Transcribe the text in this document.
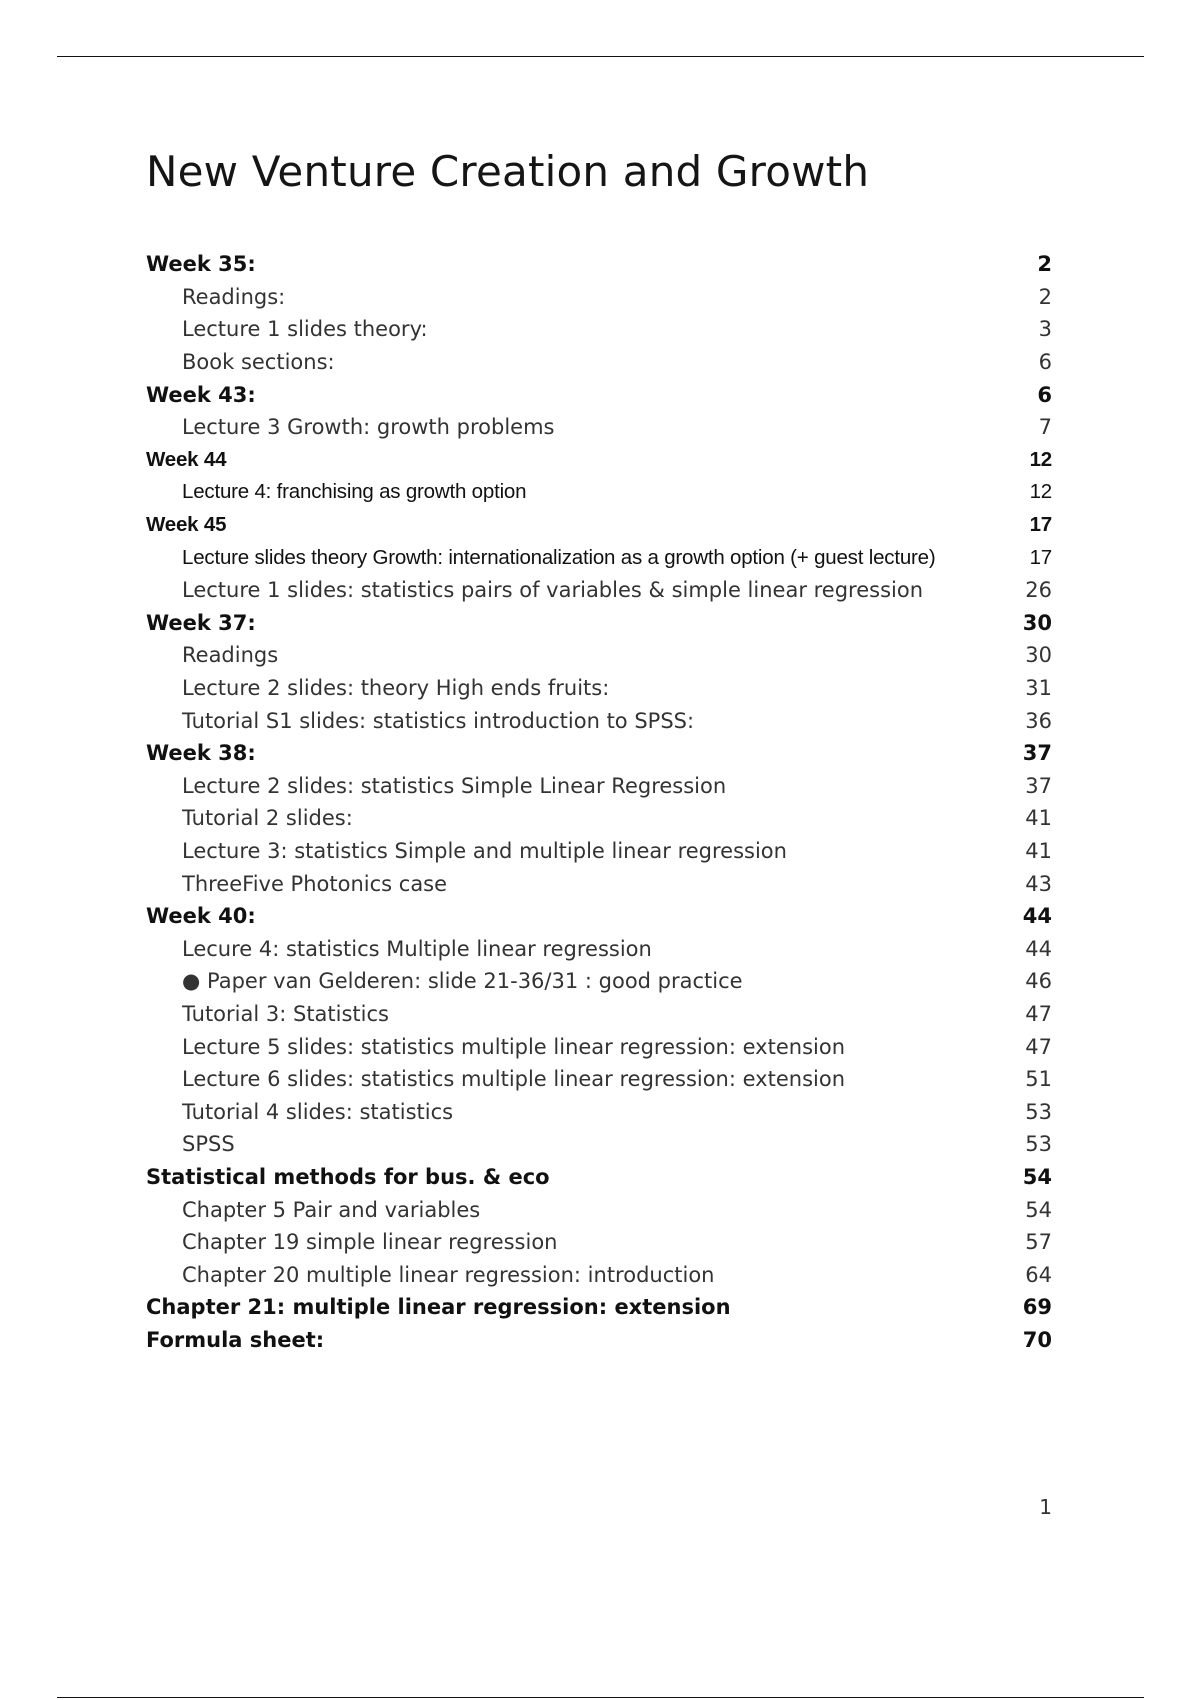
New Venture Creation and Growth
Week 35:	2
Readings:	2
Lecture 1 slides theory:	3
Book sections:	6
Week 43:	6
Lecture 3 Growth: growth problems	7
Week 44	12
Lecture 4: franchising as growth option	12
Week 45	17
Lecture slides theory Growth: internationalization as a growth option (+ guest lecture)	17
Lecture 1 slides: statistics pairs of variables & simple linear regression	26
Week 37:	30
Readings	30
Lecture 2 slides: theory High ends fruits:	31
Tutorial S1 slides: statistics introduction to SPSS:	36
Week 38:	37
Lecture 2 slides: statistics Simple Linear Regression	37
Tutorial 2 slides:	41
Lecture 3: statistics Simple and multiple linear regression	41
ThreeFive Photonics case	43
Week 40:	44
Lecure 4: statistics Multiple linear regression	44
● Paper van Gelderen: slide 21-36/31 : good practice	46
Tutorial 3: Statistics	47
Lecture 5 slides: statistics multiple linear regression: extension	47
Lecture 6 slides: statistics multiple linear regression: extension	51
Tutorial 4 slides: statistics	53
SPSS	53
Statistical methods for bus. & eco	54
Chapter 5 Pair and variables	54
Chapter 19 simple linear regression	57
Chapter 20 multiple linear regression: introduction	64
Chapter 21: multiple linear regression: extension	69
Formula sheet:	70
1
